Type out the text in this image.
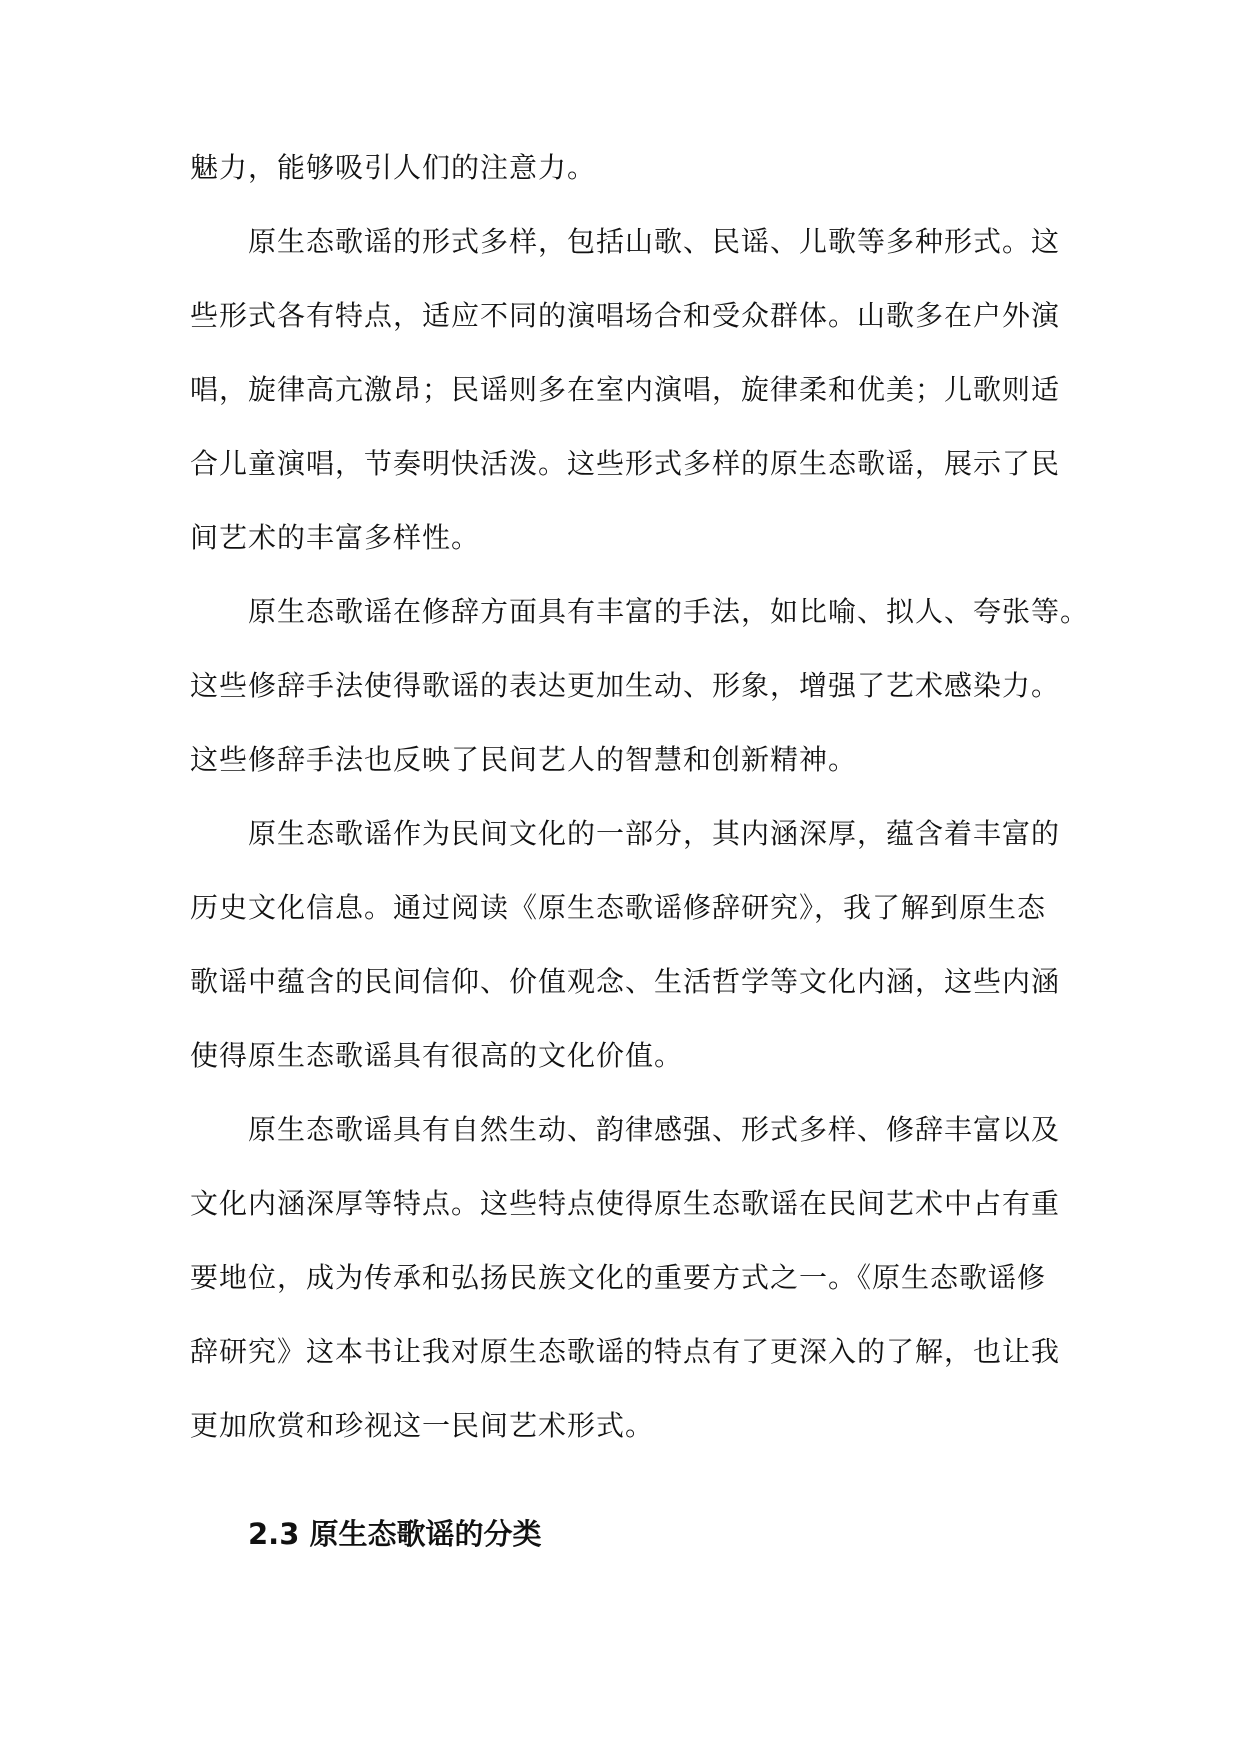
魅力，能够吸引人们的注意力。
原生态歌谣的形式多样，包括山歌、民谣、儿歌等多种形式。这
些形式各有特点，适应不同的演唱场合和受众群体。山歌多在户外演
唱，旋律高亢激昂；民谣则多在室内演唱，旋律柔和优美；儿歌则适
合儿童演唱，节奏明快活泼。这些形式多样的原生态歌谣，展示了民
间艺术的丰富多样性。
原生态歌谣在修辞方面具有丰富的手法，如比喻、拟人、夸张等。
这些修辞手法使得歌谣的表达更加生动、形象，增强了艺术感染力。
这些修辞手法也反映了民间艺人的智慧和创新精神。
原生态歌谣作为民间文化的一部分，其内涵深厚，蕴含着丰富的
历史文化信息。通过阅读《原生态歌谣修辞研究》，我了解到原生态
歌谣中蕴含的民间信仰、价值观念、生活哲学等文化内涵，这些内涵
使得原生态歌谣具有很高的文化价值。
原生态歌谣具有自然生动、韵律感强、形式多样、修辞丰富以及
文化内涵深厚等特点。这些特点使得原生态歌谣在民间艺术中占有重
要地位，成为传承和弘扬民族文化的重要方式之一。《原生态歌谣修
辞研究》这本书让我对原生态歌谣的特点有了更深入的了解，也让我
更加欣赏和珍视这一民间艺术形式。
2.3 原生态歌谣的分类
